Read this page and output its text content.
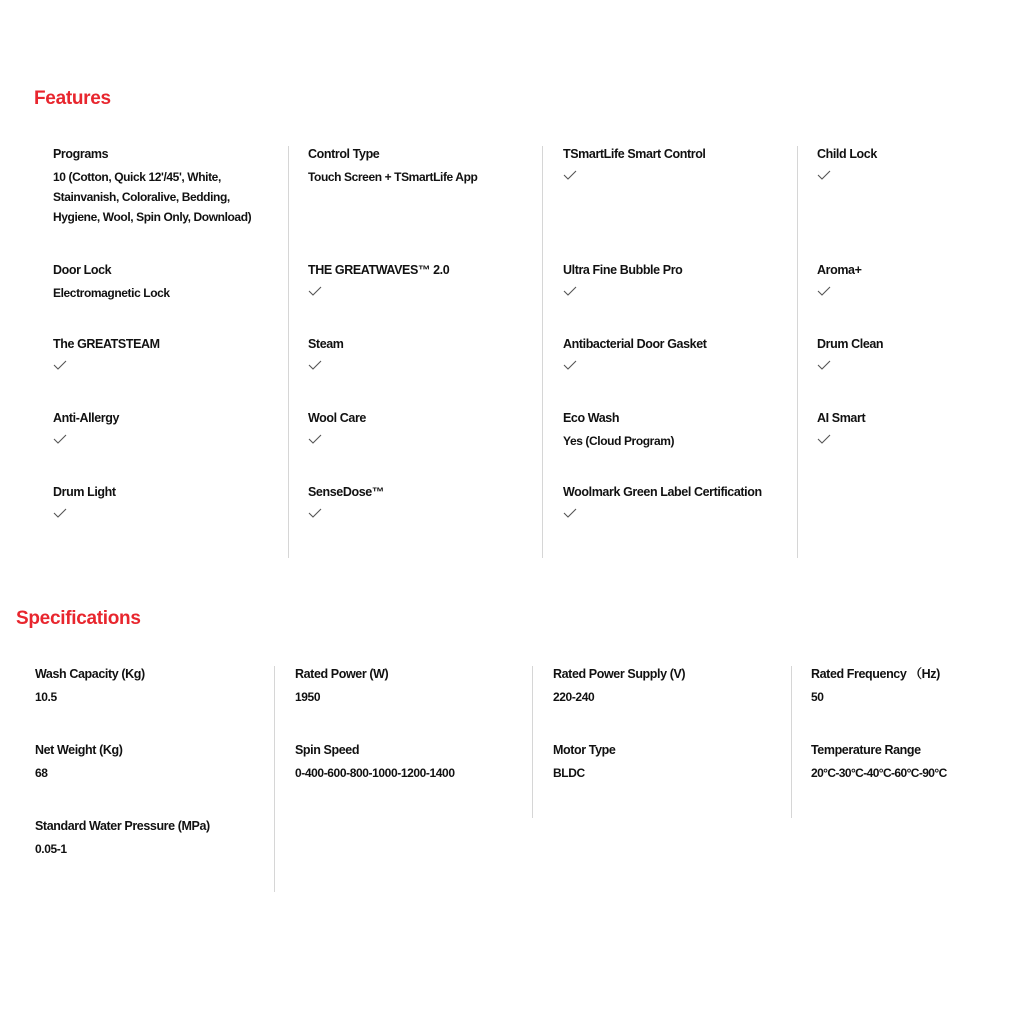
Features
Programs
10 (Cotton, Quick 12'/45', White, Stainvanish, Coloralive, Bedding, Hygiene, Wool, Spin Only, Download)
Door Lock
Electromagnetic Lock
The GREATSTEAM
Anti-Allergy
Drum Light
Control Type
Touch Screen + TSmartLife App
THE GREATWAVES™ 2.0
Steam
Wool Care
SenseDose™
TSmartLife Smart Control
Ultra Fine Bubble Pro
Antibacterial Door Gasket
Eco Wash
Yes (Cloud Program)
Woolmark Green Label Certification
Child Lock
Aroma+
Drum Clean
AI Smart
Specifications
Wash Capacity (Kg)
10.5
Net Weight (Kg)
68
Standard Water Pressure (MPa)
0.05-1
Rated Power (W)
1950
Spin Speed
0-400-600-800-1000-1200-1400
Rated Power Supply (V)
220-240
Motor Type
BLDC
Rated Frequency （Hz)
50
Temperature Range
20°C-30°C-40°C-60°C-90°C
